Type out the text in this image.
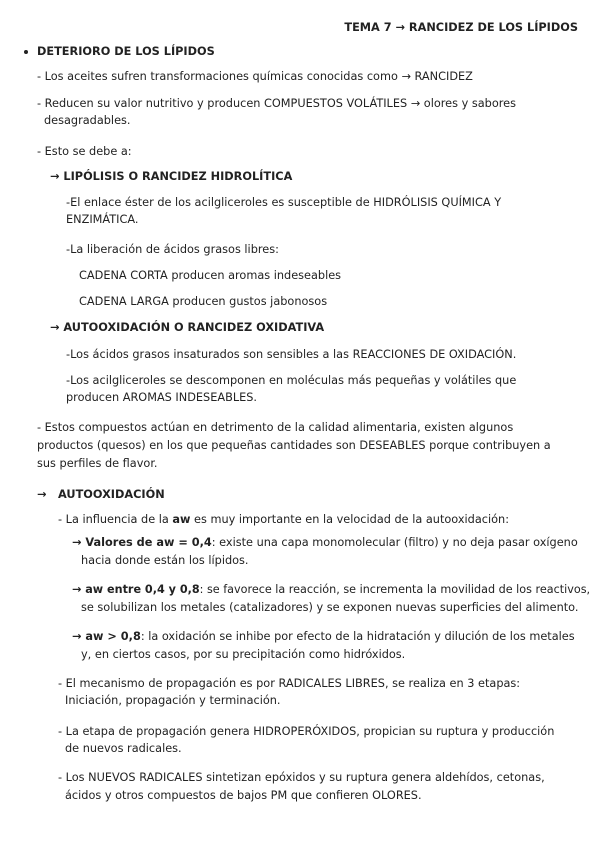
TEMA 7 → RANCIDEZ DE LOS LÍPIDOS
DETERIORO DE LOS LÍPIDOS
- Los aceites sufren transformaciones químicas conocidas como → RANCIDEZ
- Reducen su valor nutritivo y producen COMPUESTOS VOLÁTILES → olores y sabores
desagradables.
- Esto se debe a:
→ LIPÓLISIS O RANCIDEZ HIDROLÍTICA
-El enlace éster de los acilgliceroles es susceptible de HIDRÓLISIS QUÍMICA Y
ENZIMÁTICA.
-La liberación de ácidos grasos libres:
CADENA CORTA producen aromas indeseables
CADENA LARGA producen gustos jabonosos
→ AUTOOXIDACIÓN O RANCIDEZ OXIDATIVA
-Los ácidos grasos insaturados son sensibles a las REACCIONES DE OXIDACIÓN.
-Los acilgliceroles se descomponen en moléculas más pequeñas y volátiles que
producen AROMAS INDESEABLES.
- Estos compuestos actúan en detrimento de la calidad alimentaria, existen algunos
productos (quesos) en los que pequeñas cantidades son DESEABLES porque contribuyen a
sus perfiles de flavor.
→ AUTOOXIDACIÓN
- La influencia de la aw es muy importante en la velocidad de la autooxidación:
→ Valores de aw = 0,4: existe una capa monomolecular (filtro) y no deja pasar oxígeno
hacia donde están los lípidos.
→ aw entre 0,4 y 0,8: se favorece la reacción, se incrementa la movilidad de los reactivos,
se solubilizan los metales (catalizadores) y se exponen nuevas superficies del alimento.
→ aw > 0,8: la oxidación se inhibe por efecto de la hidratación y dilución de los metales
y, en ciertos casos, por su precipitación como hidróxidos.
- El mecanismo de propagación es por RADICALES LIBRES, se realiza en 3 etapas:
Iniciación, propagación y terminación.
- La etapa de propagación genera HIDROPERÓXIDOS, propician su ruptura y producción
de nuevos radicales.
- Los NUEVOS RADICALES sintetizan epóxidos y su ruptura genera aldehídos, cetonas,
ácidos y otros compuestos de bajos PM que confieren OLORES.
